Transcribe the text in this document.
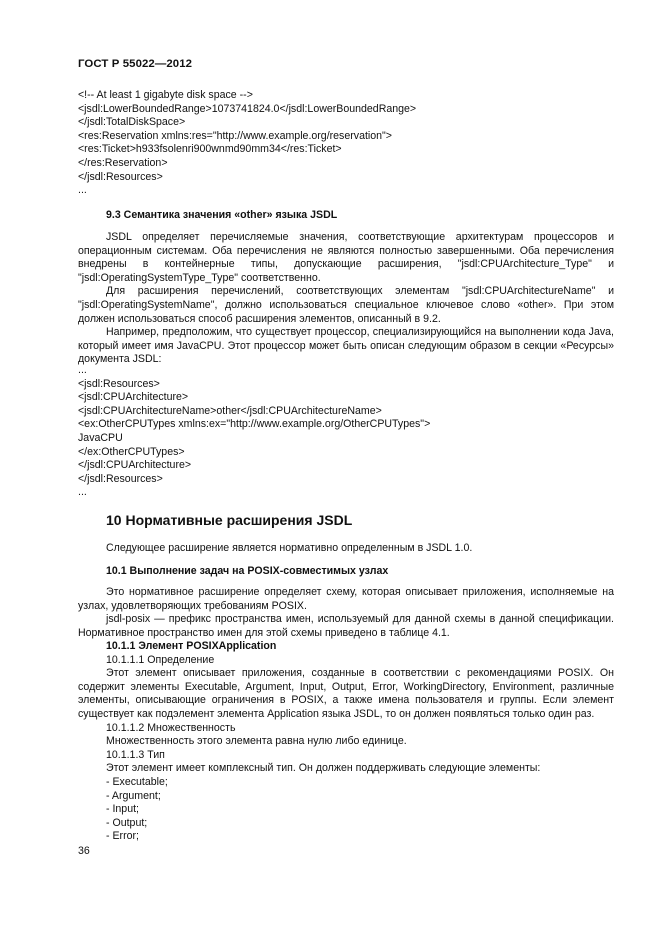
ГОСТ Р 55022—2012
<!-- At least 1 gigabyte disk space -->
<jsdl:LowerBoundedRange>1073741824.0</jsdl:LowerBoundedRange>
</jsdl:TotalDiskSpace>
<res:Reservation xmlns:res="http://www.example.org/reservation">
<res:Ticket>h933fsolenri900wnmd90mm34</res:Ticket>
</res:Reservation>
</jsdl:Resources>
...
9.3 Семантика значения «other» языка JSDL

JSDL определяет перечисляемые значения, соответствующие архитектурам процессоров и операционным системам. Оба перечисления не являются полностью завершенными. Оба перечисления внедрены в контейнерные типы, допускающие расширения, "jsdl:CPUArchitecture_Type" и "jsdl:OperatingSystemType_Type" соответственно.

Для расширения перечислений, соответствующих элементам "jsdl:CPUArchitectureName" и "jsdl:OperatingSystemName", должно использоваться специальное ключевое слово «other». При этом должен использоваться способ расширения элементов, описанный в 9.2.

Например, предположим, что существует процессор, специализирующийся на выполнении кода Java, который имеет имя JavaCPU. Этот процессор может быть описан следующим образом в секции «Ресурсы» документа JSDL:

...
<jsdl:Resources>
<jsdl:CPUArchitecture>
<jsdl:CPUArchitectureName>other</jsdl:CPUArchitectureName>
<ex:OtherCPUTypes xmlns:ex="http://www.example.org/OtherCPUTypes">
JavaCPU
</ex:OtherCPUTypes>
</jsdl:CPUArchitecture>
</jsdl:Resources>
...
10 Нормативные расширения JSDL
Следующее расширение является нормативно определенным в JSDL 1.0.
10.1 Выполнение задач на POSIX-совместимых узлах

Это нормативное расширение определяет схему, которая описывает приложения, исполняемые на узлах, удовлетворяющих требованиям POSIX.

jsdl-posix — префикс пространства имен, используемый для данной схемы в данной спецификации. Нормативное пространство имен для этой схемы приведено в таблице 4.1.

10.1.1 Элемент POSIXApplication
10.1.1.1 Определение

Этот элемент описывает приложения, созданные в соответствии с рекомендациями POSIX. Он содержит элементы Executable, Argument, Input, Output, Error, WorkingDirectory, Environment, различные элементы, описывающие ограничения в POSIX, а также имена пользователя и группы. Если элемент существует как подэлемент элемента Application языка JSDL, то он должен появляться только один раз.

10.1.1.2 Множественность
Множественность этого элемента равна нулю либо единице.
10.1.1.3 Тип
Этот элемент имеет комплексный тип. Он должен поддерживать следующие элементы:
- Executable;
- Argument;
- Input;
- Output;
- Error;
36
